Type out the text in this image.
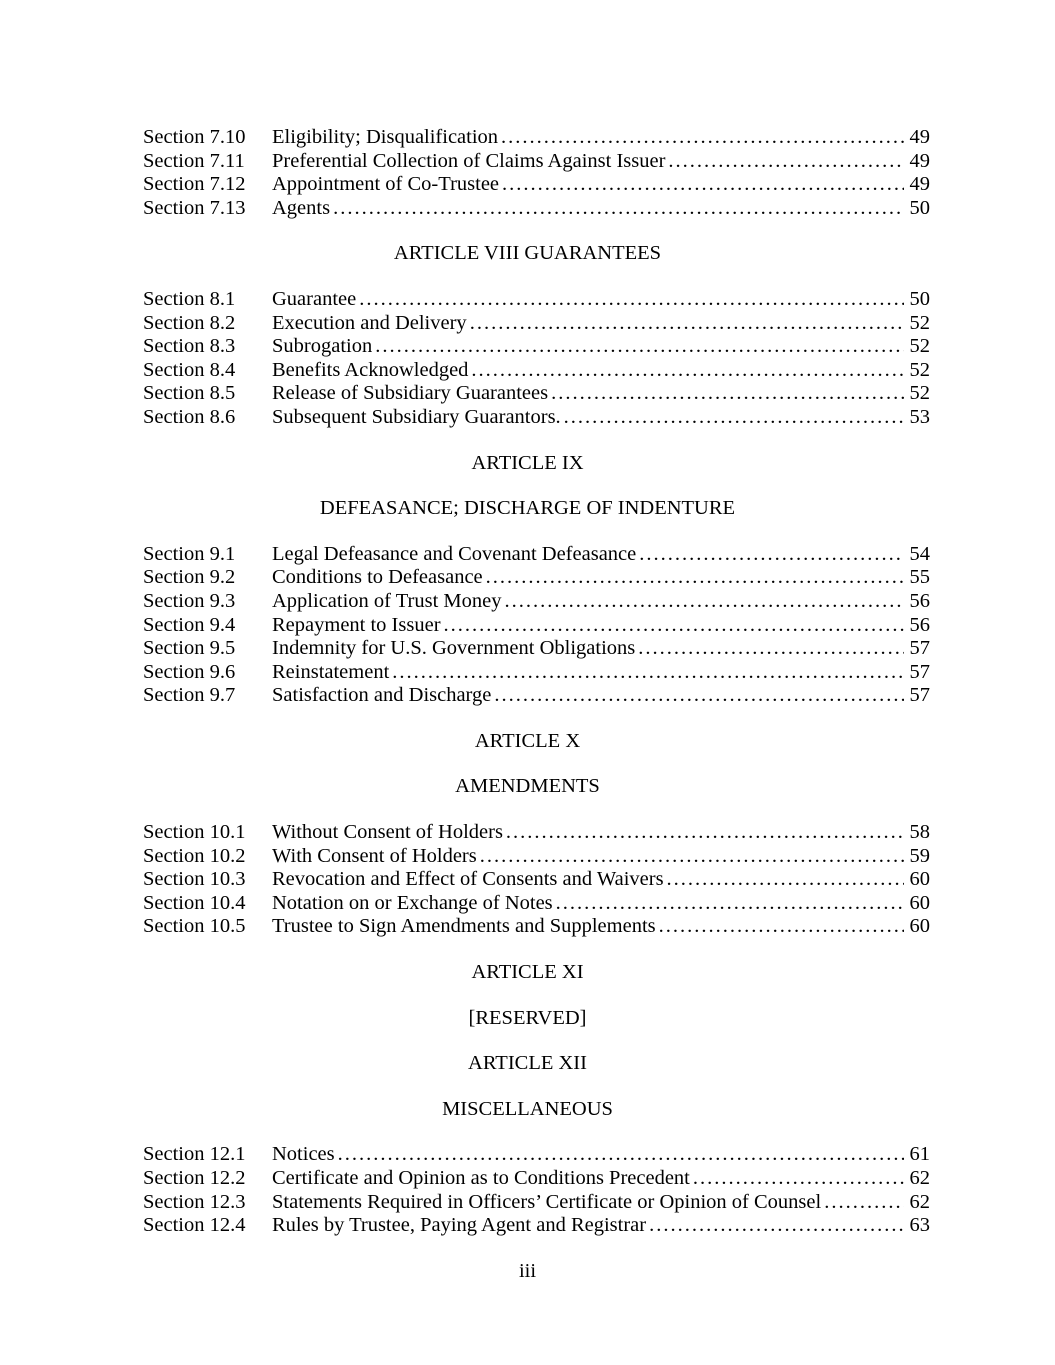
Section 7.10	Eligibility; Disqualification .....	49
Section 7.11	Preferential Collection of Claims Against Issuer .....	49
Section 7.12	Appointment of Co-Trustee .....	49
Section 7.13	Agents .....	50
ARTICLE VIII GUARANTEES
Section 8.1	Guarantee .....	50
Section 8.2	Execution and Delivery .....	52
Section 8.3	Subrogation .....	52
Section 8.4	Benefits Acknowledged .....	52
Section 8.5	Release of Subsidiary Guarantees .....	52
Section 8.6	Subsequent Subsidiary Guarantors. .....	53
ARTICLE IX
DEFEASANCE; DISCHARGE OF INDENTURE
Section 9.1	Legal Defeasance and Covenant Defeasance .....	54
Section 9.2	Conditions to Defeasance .....	55
Section 9.3	Application of Trust Money .....	56
Section 9.4	Repayment to Issuer .....	56
Section 9.5	Indemnity for U.S. Government Obligations .....	57
Section 9.6	Reinstatement .....	57
Section 9.7	Satisfaction and Discharge .....	57
ARTICLE X
AMENDMENTS
Section 10.1	Without Consent of Holders .....	58
Section 10.2	With Consent of Holders .....	59
Section 10.3	Revocation and Effect of Consents and Waivers .....	60
Section 10.4	Notation on or Exchange of Notes .....	60
Section 10.5	Trustee to Sign Amendments and Supplements .....	60
ARTICLE XI
[RESERVED]
ARTICLE XII
MISCELLANEOUS
Section 12.1	Notices .....	61
Section 12.2	Certificate and Opinion as to Conditions Precedent .....	62
Section 12.3	Statements Required in Officers’ Certificate or Opinion of Counsel .....	62
Section 12.4	Rules by Trustee, Paying Agent and Registrar .....	63
iii
